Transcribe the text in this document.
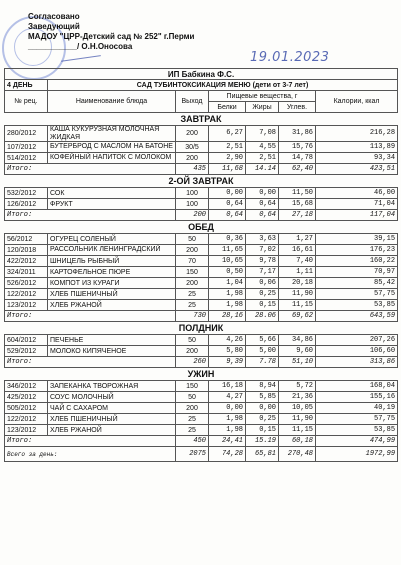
Согласовано
Заведующий
МАДОУ "ЦРР-Детский сад № 252" г.Перми
___________/ О.Н.Оносова
19.01.2023
ИП Бабкина Ф.С.						
4 ДЕНЬ	САД ТУБИНТОКСИКАЦИЯ МЕНЮ (дети от 3-7 лет)					
№ рец.	Наименование блюда	Выход	Пищевые вещества, г			Калории, ккал
			Белки	Жиры	Углев.	
ЗАВТРАК						
280/2012	КАША КУКУРУЗНАЯ МОЛОЧНАЯ ЖИДКАЯ	200	6,27	7,08	31,86	216,28
107/2012	БУТЕРБРОД С МАСЛОМ НА БАТОНЕ	30/5	2,51	4,55	15,76	113,89
514/2012	КОФЕЙНЫЙ НАПИТОК С МОЛОКОМ	200	2,90	2,51	14,78	93,34
Итого:		435	11,68	14.14	62,40	423,51
2-ОЙ ЗАВТРАК						
532/2012	СОК	100	0,00	0,00	11,50	46,00
126/2012	ФРУКТ	100	0,64	0,64	15,68	71,04
Итого:		200	0,64	0,64	27,18	117,04
ОБЕД						
56/2012	ОГУРЕЦ СОЛЕНЫЙ	50	0,36	3,63	1,27	39,15
120/2018	РАССОЛЬНИК ЛЕНИНГРАДСКИЙ	200	11,65	7,02	16,61	176,23
422/2012	ШНИЦЕЛЬ РЫБНЫЙ	70	10,65	9,78	7,40	160,22
324/2011	КАРТОФЕЛЬНОЕ ПЮРЕ	150	0,50	7,17	1,11	70,97
526/2012	КОМПОТ ИЗ КУРАГИ	200	1,04	0,06	20,18	85,42
122/2012	ХЛЕБ ПШЕНИЧНЫЙ	25	1,98	0,25	11,90	57,75
123/2012	ХЛЕБ РЖАНОЙ	25	1,98	0,15	11,15	53,85
Итого:		730	28,16	28.06	69,62	643,59
ПОЛДНИК						
604/2012	ПЕЧЕНЬЕ	50	4,26	5,66	34,86	207,26
529/2012	МОЛОКО КИПЯЧЕНОЕ	200	5,80	5,00	9,60	106,60
Итого:		260	9,39	7.78	51,10	313,86
УЖИН						
346/2012	ЗАПЕКАНКА ТВОРОЖНАЯ	150	16,18	8,94	5,72	168,04
425/2012	СОУС МОЛОЧНЫЙ	50	4,27	5,85	21,36	155,16
505/2012	ЧАЙ С САХАРОМ	200	0,00	0,00	10,05	40,19
122/2012	ХЛЕБ ПШЕНИЧНЫЙ	25	1,98	0,25	11,90	57,75
123/2012	ХЛЕБ РЖАНОЙ	25	1,98	0,15	11,15	53,85
Итого:		450	24,41	15.19	60,18	474,99
Всего за день:		2075	74,28	65,81	270,48	1972,99
